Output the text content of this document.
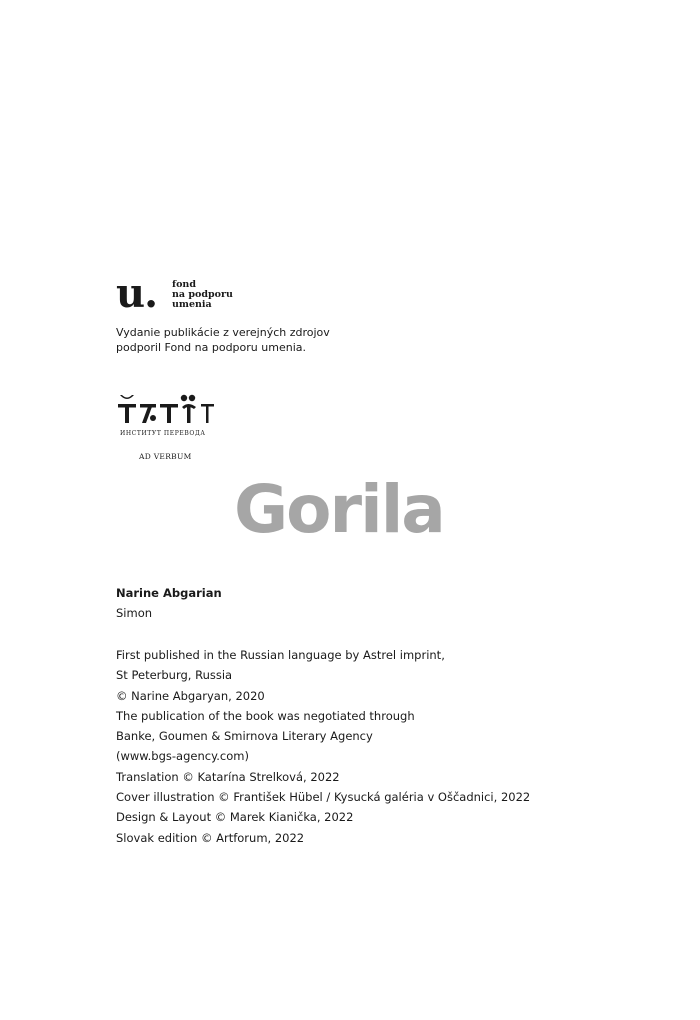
u. fond
na podporu
umenia
Vydanie publikácie z verejných zdrojov
podporil Fond na podporu umenia.
ИНСТИТУТ ПЕРЕВОДА
AD VERBUM
Gorila
Narine Abgarian
Simon
First published in the Russian language by Astrel imprint,
St Peterburg, Russia
© Narine Abgaryan, 2020
The publication of the book was negotiated through
Banke, Goumen & Smirnova Literary Agency
(www.bgs-agency.com)
Translation © Katarína Strelková, 2022
Cover illustration © František Hübel / Kysucká galéria v Oščadnici, 2022
Design & Layout © Marek Kianička, 2022
Slovak edition © Artforum, 2022
